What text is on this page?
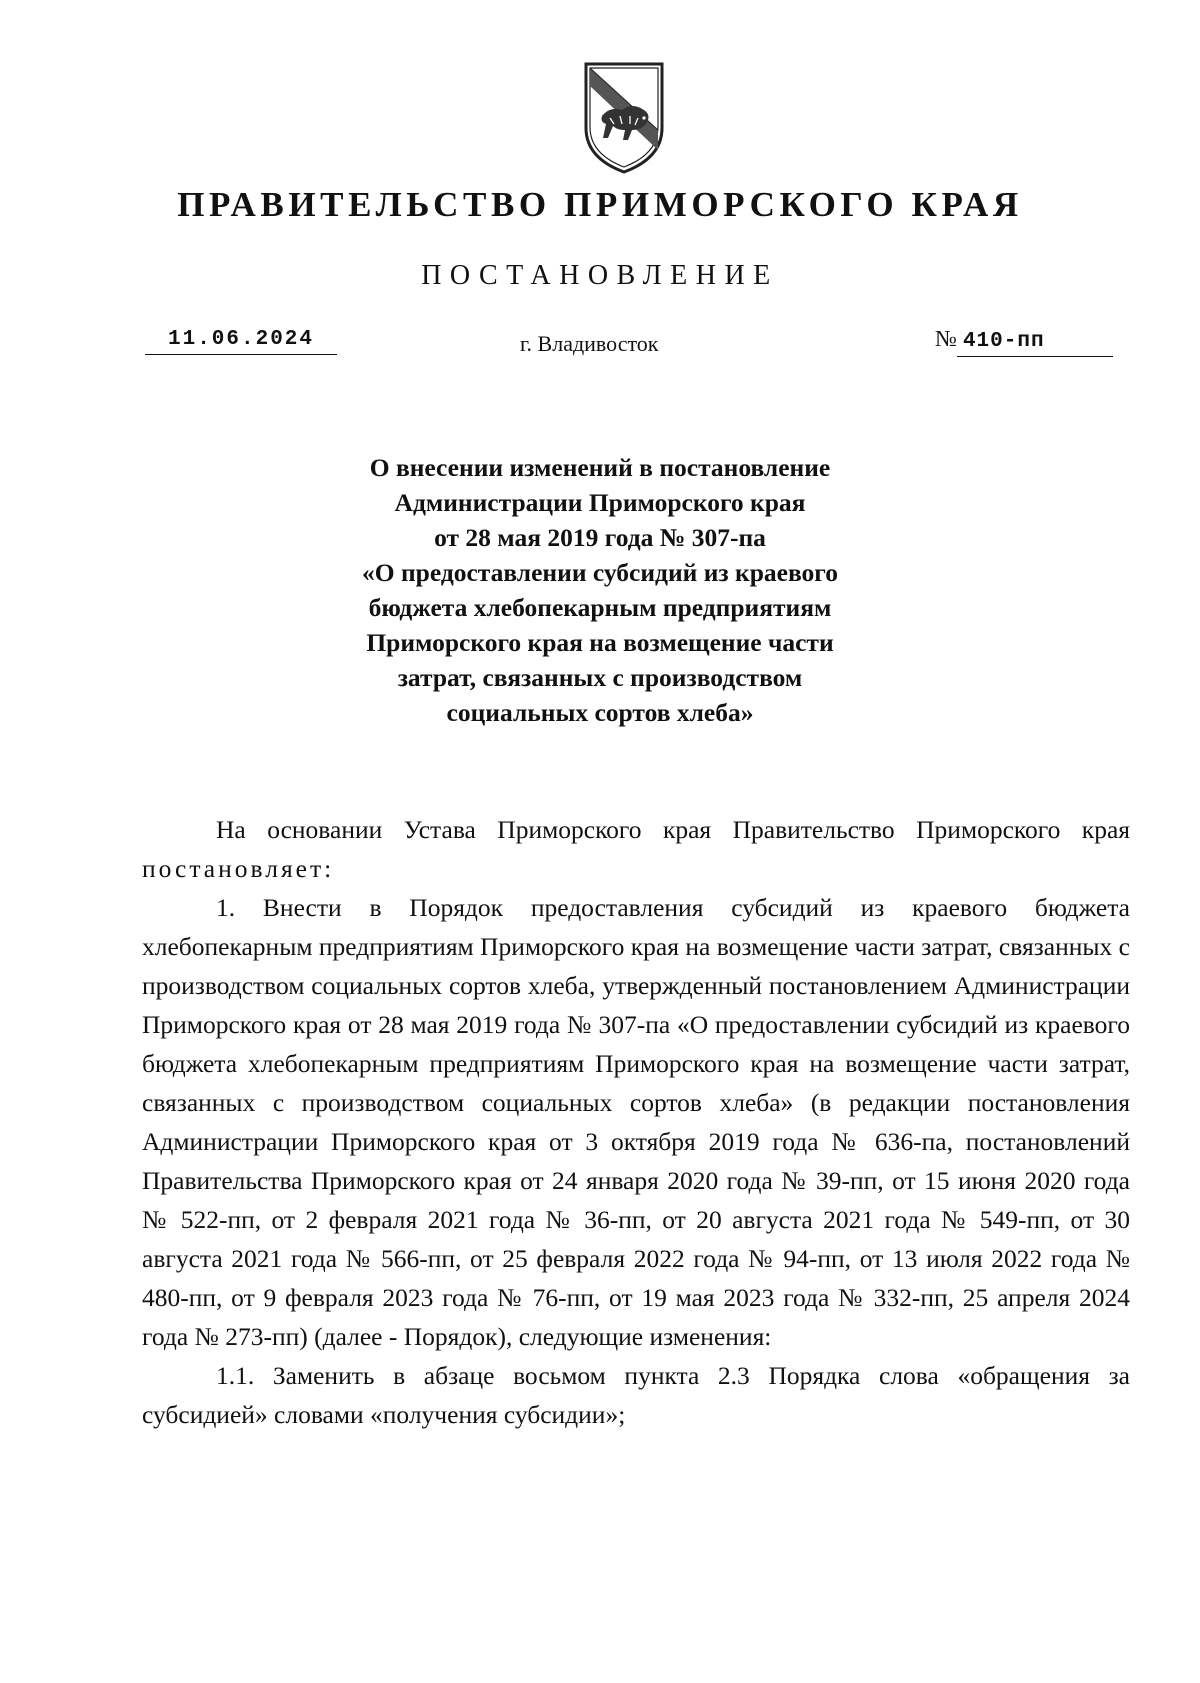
ПРАВИТЕЛЬСТВО ПРИМОРСКОГО КРАЯ
ПОСТАНОВЛЕНИЕ
11.06.2024	г. Владивосток	№ 410-пп
О внесении изменений в постановление
Администрации Приморского края
от 28 мая 2019 года № 307-па
«О предоставлении субсидий из краевого
бюджета хлебопекарным предприятиям
Приморского края на возмещение части
затрат, связанных с производством
социальных сортов хлеба»

На основании Устава Приморского края Правительство Приморского края постановляет:

1. Внести в Порядок предоставления субсидий из краевого бюджета хлебопекарным предприятиям Приморского края на возмещение части затрат, связанных с производством социальных сортов хлеба, утвержденный постановлением Администрации Приморского края от 28 мая 2019 года № 307-па «О предоставлении субсидий из краевого бюджета хлебопекарным предприятиям Приморского края на возмещение части затрат, связанных с производством социальных сортов хлеба» (в редакции постановления Администрации Приморского края от 3 октября 2019 года № 636-па, постановлений Правительства Приморского края от 24 января 2020 года № 39-пп, от 15 июня 2020 года № 522-пп, от 2 февраля 2021 года № 36-пп, от 20 августа 2021 года № 549-пп, от 30 августа 2021 года № 566-пп, от 25 февраля 2022 года № 94-пп, от 13 июля 2022 года № 480-пп, от 9 февраля 2023 года № 76-пп, от 19 мая 2023 года № 332-пп, 25 апреля 2024 года № 273-пп) (далее - Порядок), следующие изменения:

1.1. Заменить в абзаце восьмом пункта 2.3 Порядка слова «обращения за субсидией» словами «получения субсидии»;
